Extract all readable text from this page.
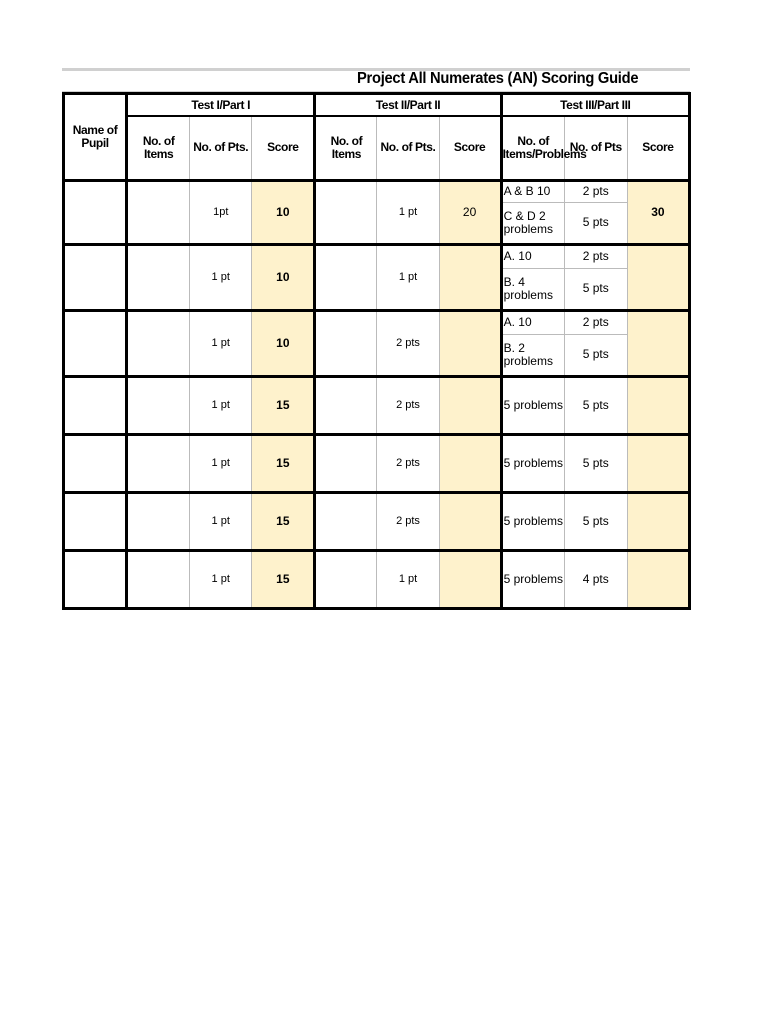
Project All Numerates (AN) Scoring Guide
Name of Pupil	Test I/Part I			Test II/Part II			Test III/Part III		
	No. of Items	No. of Pts.	Score	No. of Items	No. of Pts.	Score	No. of Items/Problems	No. of Pts	Score
		1pt	10		1 pt	20	A & B 10	2 pts	30
							C & D 2 problems	5 pts	
		1 pt	10		1 pt		A. 10	2 pts	
							B. 4 problems	5 pts	
		1 pt	10		2 pts		A. 10	2 pts	
							B. 2 problems	5 pts	
		1 pt	15		2 pts		5 problems	5 pts	
		1 pt	15		2 pts		5 problems	5 pts	
		1 pt	15		2 pts		5 problems	5 pts	
		1 pt	15		1 pt		5 problems	4 pts	
